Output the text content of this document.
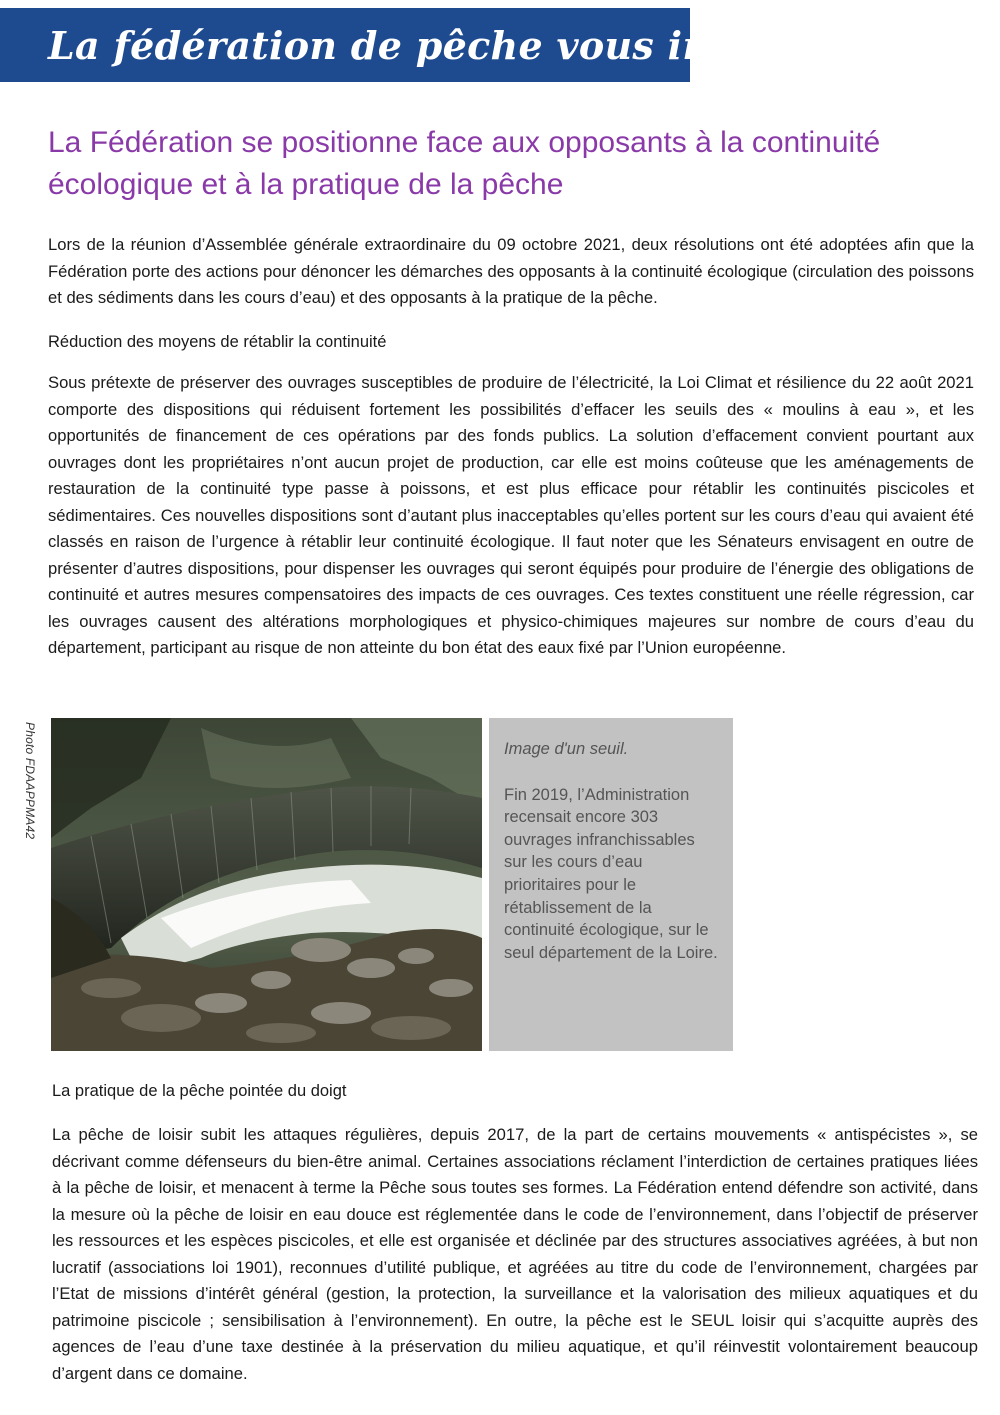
La fédération de pêche vous informe
La Fédération se positionne face aux opposants à la continuité écologique et à la pratique de la pêche

Lors de la réunion d’Assemblée générale extraordinaire du 09 octobre 2021, deux résolutions ont été adoptées afin que la Fédération porte des actions pour dénoncer les démarches des opposants à la continuité écologique (circulation des poissons et des sédiments dans les cours d’eau) et des opposants à la pratique de la pêche.

Réduction des moyens de rétablir la continuité

Sous prétexte de préserver des ouvrages susceptibles de produire de l’électricité, la Loi Climat et résilience du 22 août 2021 comporte des dispositions qui réduisent fortement les possibilités d’effacer les seuils des « moulins à eau », et les opportunités de financement de ces opérations par des fonds publics. La solution d’effacement convient pourtant aux ouvrages dont les propriétaires n’ont aucun projet de production, car elle est moins coûteuse que les aménagements de restauration de la continuité type passe à poissons, et est plus efficace pour rétablir les continuités piscicoles et sédimentaires. Ces nouvelles dispositions sont d’autant plus inacceptables qu’elles portent sur les cours d’eau qui avaient été classés en raison de l’urgence à rétablir leur continuité écologique. Il faut noter que les Sénateurs envisagent en outre de présenter d’autres dispositions, pour dispenser les ouvrages qui seront équipés pour produire de l’énergie des obligations de continuité et autres mesures compensatoires des impacts de ces ouvrages. Ces textes constituent une réelle régression, car les ouvrages causent des altérations morphologiques et physico-chimiques majeures sur nombre de cours d’eau du département, participant au risque de non atteinte du bon état des eaux fixé par l’Union européenne.

Photo FDAAPPMA42	Image d'un seuil.

Fin 2019, l’Administration recensait encore 303 ouvrages infranchissables sur les cours d’eau prioritaires pour le rétablissement de la continuité écologique, sur le seul département de la Loire.

La pratique de la pêche pointée du doigt

La pêche de loisir subit les attaques régulières, depuis 2017, de la part de certains mouvements « antispécistes », se décrivant comme défenseurs du bien-être animal. Certaines associations réclament l’interdiction de certaines pratiques liées à la pêche de loisir, et menacent à terme la Pêche sous toutes ses formes. La Fédération entend défendre son activité, dans la mesure où la pêche de loisir en eau douce est réglementée dans le code de l’environnement, dans l’objectif de préserver les ressources et les espèces piscicoles, et elle est organisée et déclinée par des structures associatives agréées, à but non lucratif (associations loi 1901), reconnues d’utilité publique, et agréées au titre du code de l’environnement, chargées par l’Etat de missions d’intérêt général (gestion, la protection, la surveillance et la valorisation des milieux aquatiques et du patrimoine piscicole ; sensibilisation à l’environnement). En outre, la pêche est le SEUL loisir qui s’acquitte auprès des agences de l’eau d’une taxe destinée à la préservation du milieu aquatique, et qu’il réinvestit volontairement beaucoup d’argent dans ce domaine.
